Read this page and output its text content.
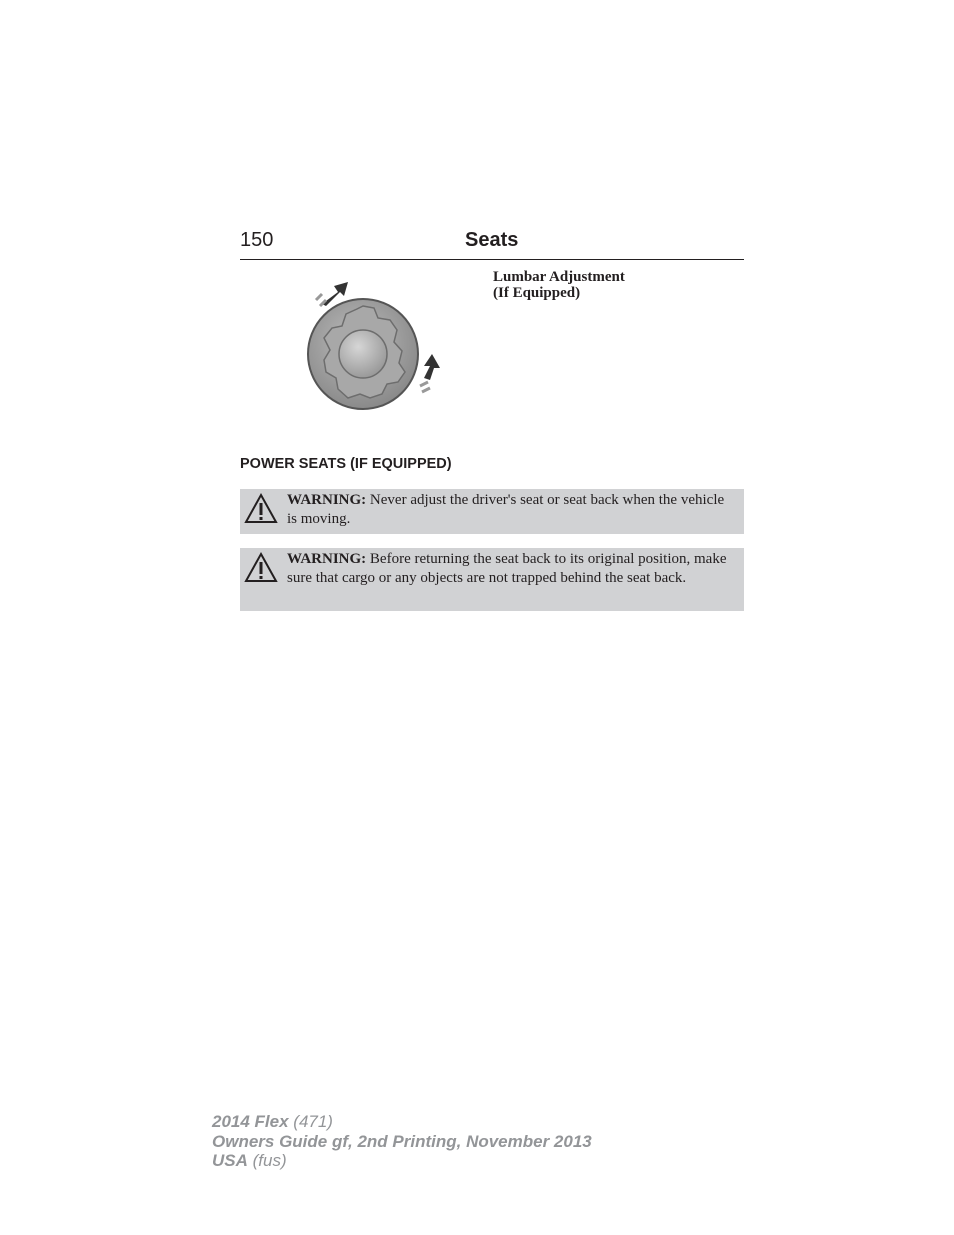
150	Seats
Lumbar Adjustment
(If Equipped)
POWER SEATS (IF EQUIPPED)
WARNING: Never adjust the driver's seat or seat back when the vehicle is moving.
WARNING: Before returning the seat back to its original position, make sure that cargo or any objects are not trapped behind the seat back.
2014 Flex (471)
Owners Guide gf, 2nd Printing, November 2013
USA (fus)
